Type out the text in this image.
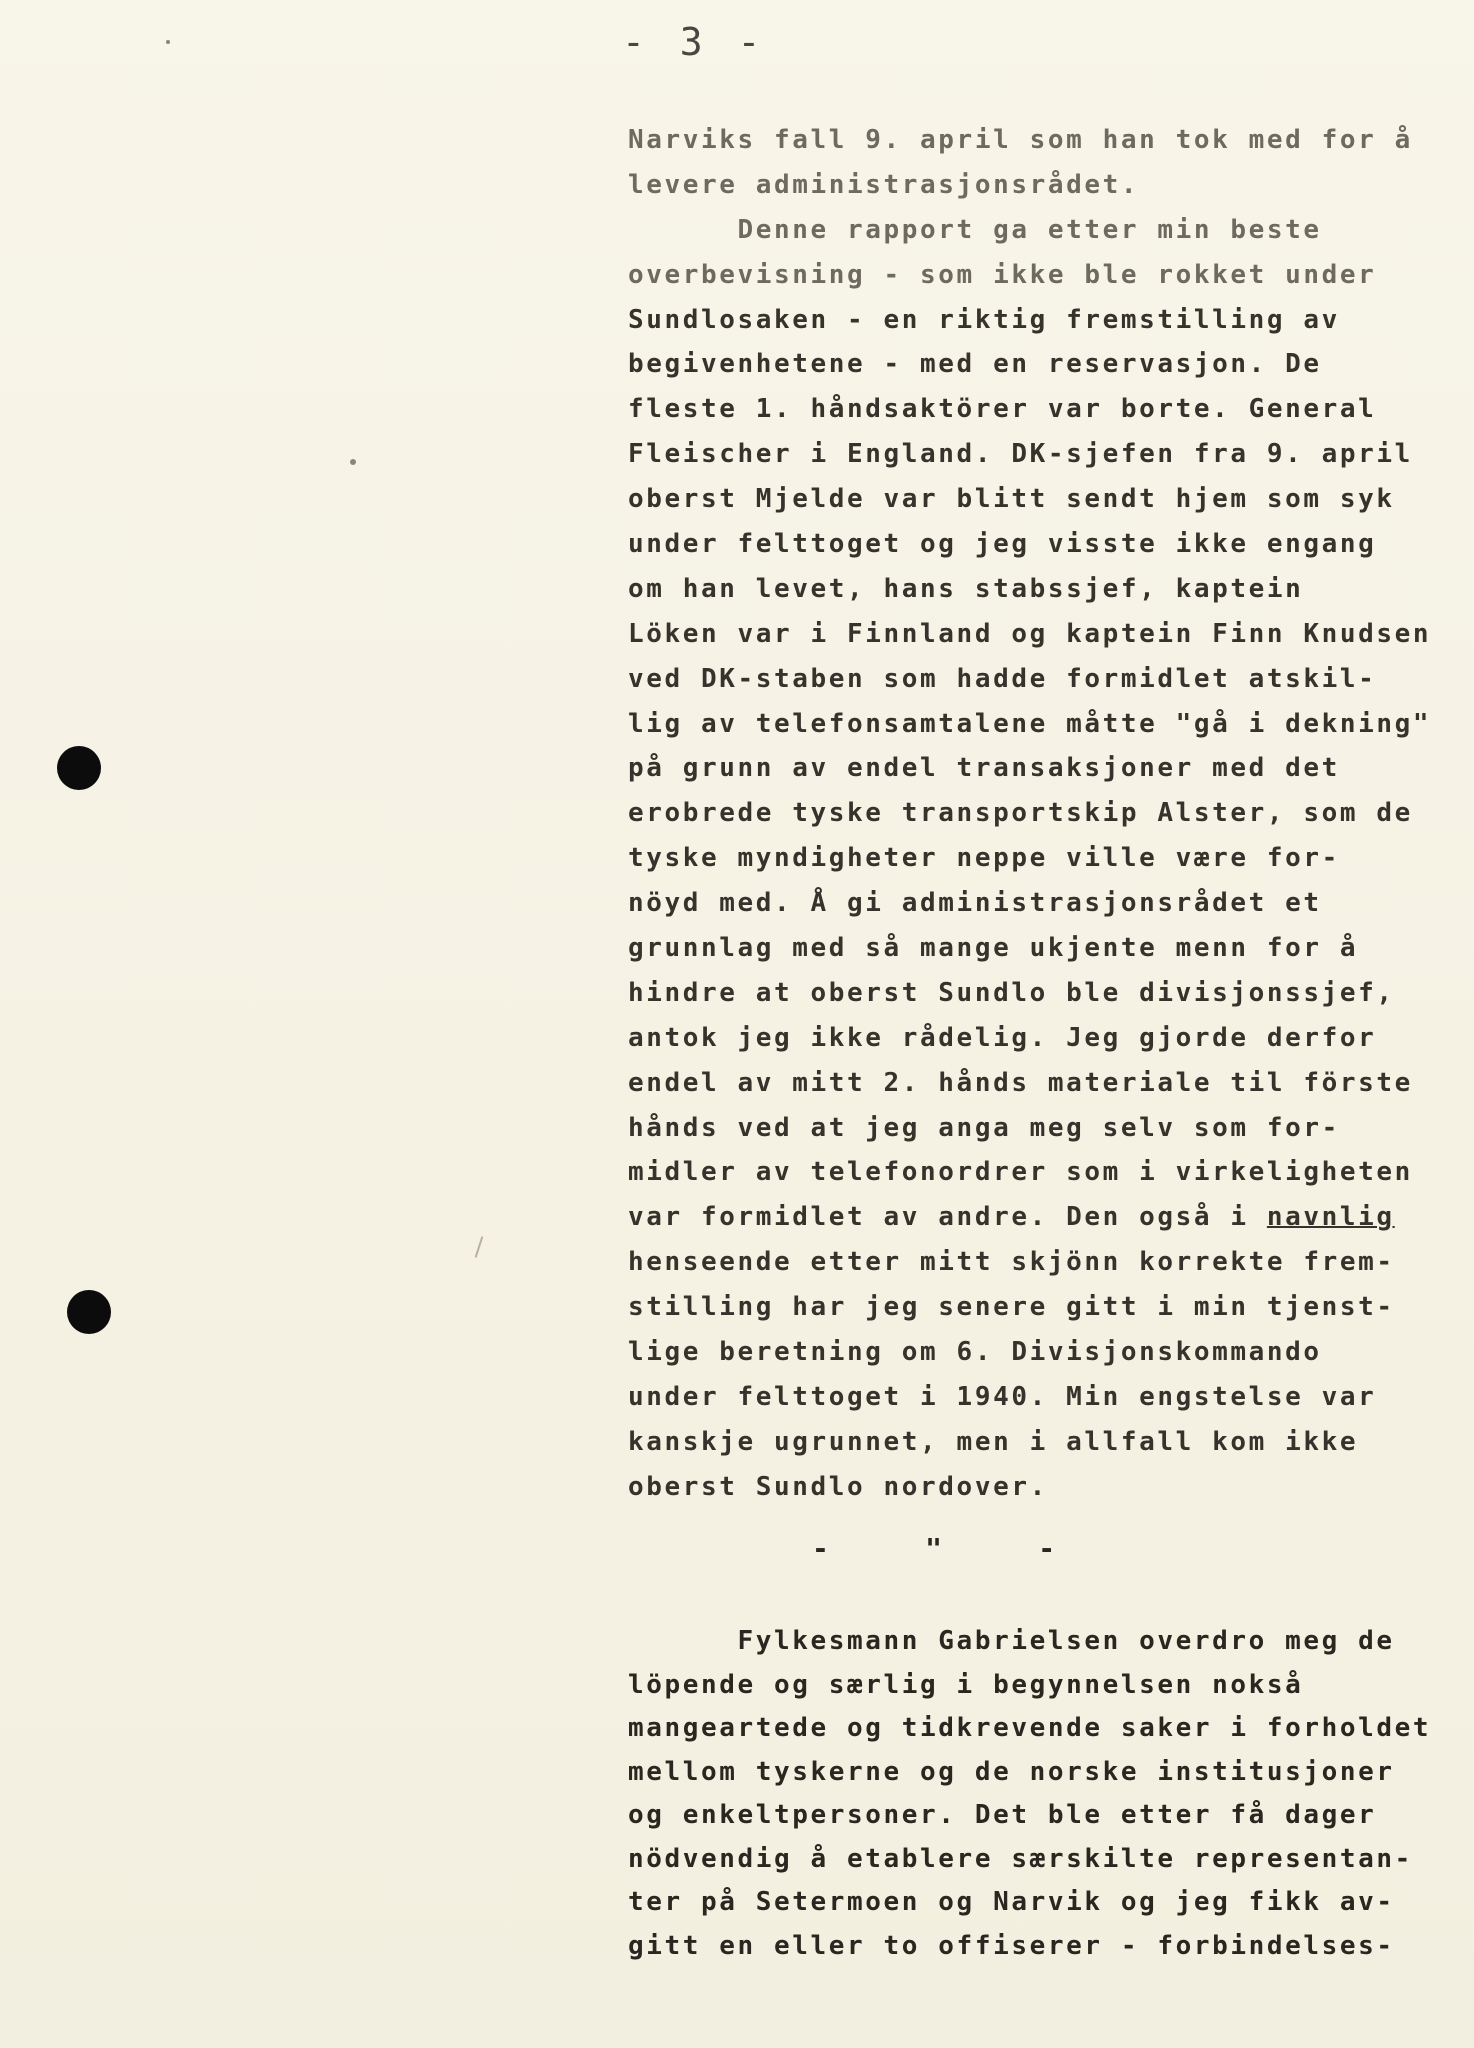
- 3 -
Narviks fall 9. april som han tok med for å
levere administrasjonsrådet.
Denne rapport ga etter min beste
overbevisning - som ikke ble rokket under
Sundlosaken - en riktig fremstilling av
begivenhetene - med en reservasjon. De
fleste 1. håndsaktörer var borte. General
Fleischer i England. DK-sjefen fra 9. april
oberst Mjelde var blitt sendt hjem som syk
under felttoget og jeg visste ikke engang
om han levet, hans stabssjef, kaptein
Löken var i Finnland og kaptein Finn Knudsen
ved DK-staben som hadde formidlet atskil-
lig av telefonsamtalene måtte "gå i dekning"
på grunn av endel transaksjoner med det
erobrede tyske transportskip Alster, som de
tyske myndigheter neppe ville være for-
nöyd med. Å gi administrasjonsrådet et
grunnlag med så mange ukjente menn for å
hindre at oberst Sundlo ble divisjonssjef,
antok jeg ikke rådelig. Jeg gjorde derfor
endel av mitt 2. hånds materiale til förste
hånds ved at jeg anga meg selv som for-
midler av telefonordrer som i virkeligheten
var formidlet av andre. Den også i navnlig
henseende etter mitt skjönn korrekte frem-
stilling har jeg senere gitt i min tjenst-
lige beretning om 6. Divisjonskommando
under felttoget i 1940. Min engstelse var
kanskje ugrunnet, men i allfall kom ikke
oberst Sundlo nordover.
-     "     -
Fylkesmann Gabrielsen overdro meg de
löpende og særlig i begynnelsen nokså
mangeartede og tidkrevende saker i forholdet
mellom tyskerne og de norske institusjoner
og enkeltpersoner. Det ble etter få dager
nödvendig å etablere særskilte representan-
ter på Setermoen og Narvik og jeg fikk av-
gitt en eller to offiserer - forbindelses-
